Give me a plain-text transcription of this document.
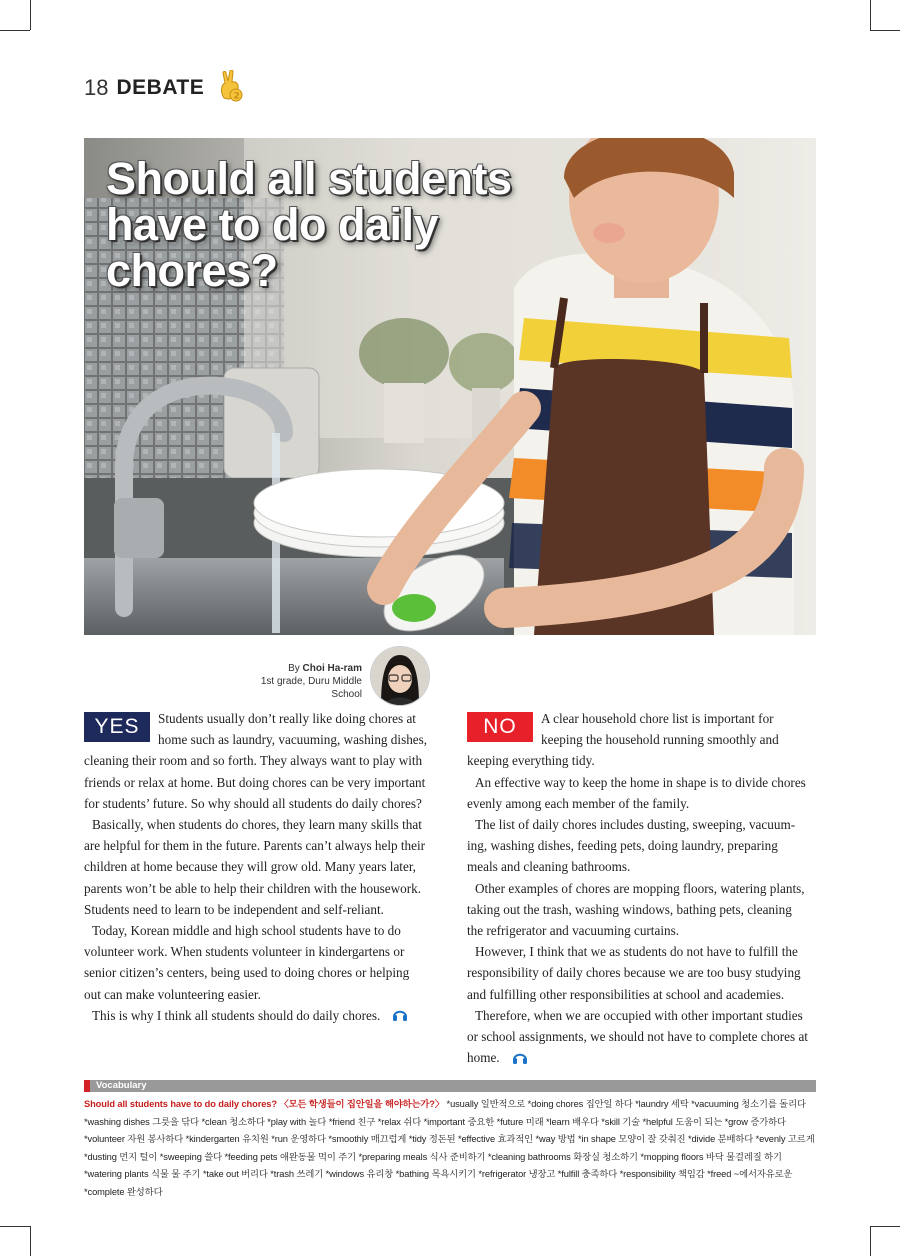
18 DEBATE	2
Should all students
have to do daily
chores?
By Choi Ha-ram
1st grade, Duru Middle School
YES	Students usually don’t really like doing chores at home such as laundry, vacuuming, washing dishes, cleaning their room and so forth. They always want to play with friends or relax at home. But doing chores can be very important for students’ future. So why should all students do daily chores?

Basically, when students do chores, they learn many skills that are helpful for them in the future. Parents can’t always help their children at home because they will grow old. Many years later, parents won’t be able to help their children with the housework. Students need to learn to be independent and self-reliant.

Today, Korean middle and high school students have to do volunteer work. When students volunteer in kindergartens or senior citizen’s centers, being used to doing chores or helping out can make volunteering easier.

This is why I think all students should do daily chores.

NO	A clear household chore list is important for keeping the household running smoothly and keeping everything tidy.

An effective way to keep the home in shape is to divide chores evenly among each member of the family.

The list of daily chores includes dusting, sweeping, vacuum-ing, washing dishes, feeding pets, doing laundry, preparing meals and cleaning bathrooms.

Other examples of chores are mopping floors, watering plants, taking out the trash, washing windows, bathing pets, cleaning the refrigerator and vacuuming curtains.

However, I think that we as students do not have to fulfill the responsibility of daily chores because we are too busy studying and fulfilling other responsibilities at school and academies.

Therefore, when we are occupied with other important studies or school assignments, we should not have to complete chores at home.

Vocabulary
Should all students have to do daily chores? 〈모든 학생들이 집안일을 해야하는가?〉 *usually 일반적으로 *doing chores 집안일 하다 *laundry 세탁 *vacuuming 청소기를 돌리다 *washing dishes 그릇을 닦다 *clean 청소하다 *play with 놀다 *friend 친구 *relax 쉬다 *important 중요한 *future 미래 *learn 배우다 *skill 기술 *helpful 도움이 되는 *grow 증가하다 *volunteer 자원 봉사하다 *kindergarten 유치원 *run 운영하다 *smoothly 매끄럽게 *tidy 정돈된 *effective 효과적인 *way 방법 *in shape 모양이 잘 갖춰진 *divide 분배하다 *evenly 고르게 *dusting 먼지 털이 *sweeping 쓸다 *feeding pets 애완동물 먹이 주기 *preparing meals 식사 준비하기 *cleaning bathrooms 화장실 청소하기 *mopping floors 바닥 물걸레질 하기 *watering plants 식물 물 주기 *take out 버리다 *trash 쓰레기 *windows 유리창 *bathing 목욕시키기 *refrigerator 냉장고 *fulfill 충족하다 *responsibility 책임감 *freed ~에서자유로운 *complete 완성하다
